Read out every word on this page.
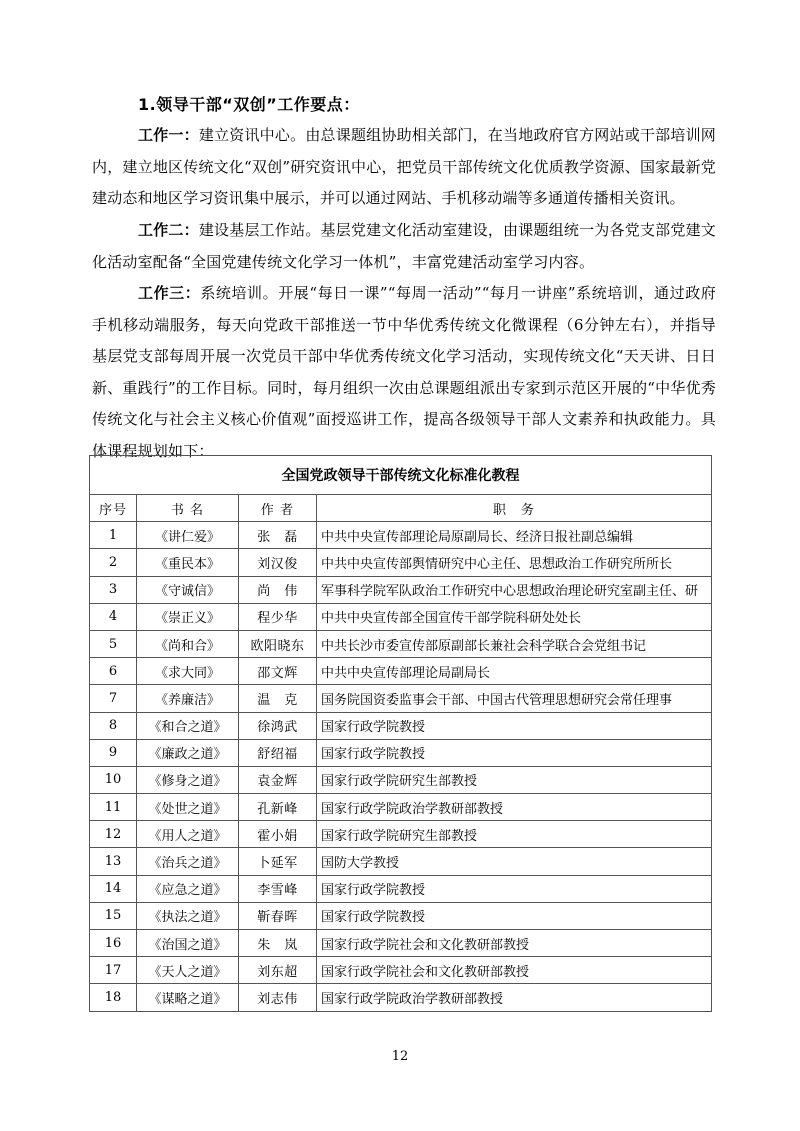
1.领导干部“双创”工作要点：

工作一：建立资讯中心。由总课题组协助相关部门，在当地政府官方网站或干部培训网内，建立地区传统文化“双创”研究资讯中心，把党员干部传统文化优质教学资源、国家最新党建动态和地区学习资讯集中展示，并可以通过网站、手机移动端等多通道传播相关资讯。

工作二：建设基层工作站。基层党建文化活动室建设，由课题组统一为各党支部党建文化活动室配备“全国党建传统文化学习一体机”，丰富党建活动室学习内容。

工作三：系统培训。开展“每日一课”“每周一活动”“每月一讲座”系统培训，通过政府手机移动端服务，每天向党政干部推送一节中华优秀传统文化微课程（6分钟左右），并指导基层党支部每周开展一次党员干部中华优秀传统文化学习活动，实现传统文化“天天讲、日日新、重践行”的工作目标。同时，每月组织一次由总课题组派出专家到示范区开展的“中华优秀传统文化与社会主义核心价值观”面授巡讲工作，提高各级领导干部人文素养和执政能力。具体课程规划如下：

全国党政领导干部传统文化标准化教程			
序号	书 名	作 者	职　务
1	《讲仁爱》	张　磊	中共中央宣传部理论局原副局长、经济日报社副总编辑
2	《重民本》	刘汉俊	中共中央宣传部舆情研究中心主任、思想政治工作研究所所长
3	《守诚信》	尚　伟	军事科学院军队政治工作研究中心思想政治理论研究室副主任、研
4	《崇正义》	程少华	中共中央宣传部全国宣传干部学院科研处处长
5	《尚和合》	欧阳晓东	中共长沙市委宣传部原副部长兼社会科学联合会党组书记
6	《求大同》	邵文辉	中共中央宣传部理论局副局长
7	《养廉洁》	温　克	国务院国资委监事会干部、中国古代管理思想研究会常任理事
8	《和合之道》	徐鸿武	国家行政学院教授
9	《廉政之道》	舒绍福	国家行政学院教授
10	《修身之道》	袁金辉	国家行政学院研究生部教授
11	《处世之道》	孔新峰	国家行政学院政治学教研部教授
12	《用人之道》	霍小娟	国家行政学院研究生部教授
13	《治兵之道》	卜延军	国防大学教授
14	《应急之道》	李雪峰	国家行政学院教授
15	《执法之道》	靳春晖	国家行政学院教授
16	《治国之道》	朱　岚	国家行政学院社会和文化教研部教授
17	《天人之道》	刘东超	国家行政学院社会和文化教研部教授
18	《谋略之道》	刘志伟	国家行政学院政治学教研部教授
12
